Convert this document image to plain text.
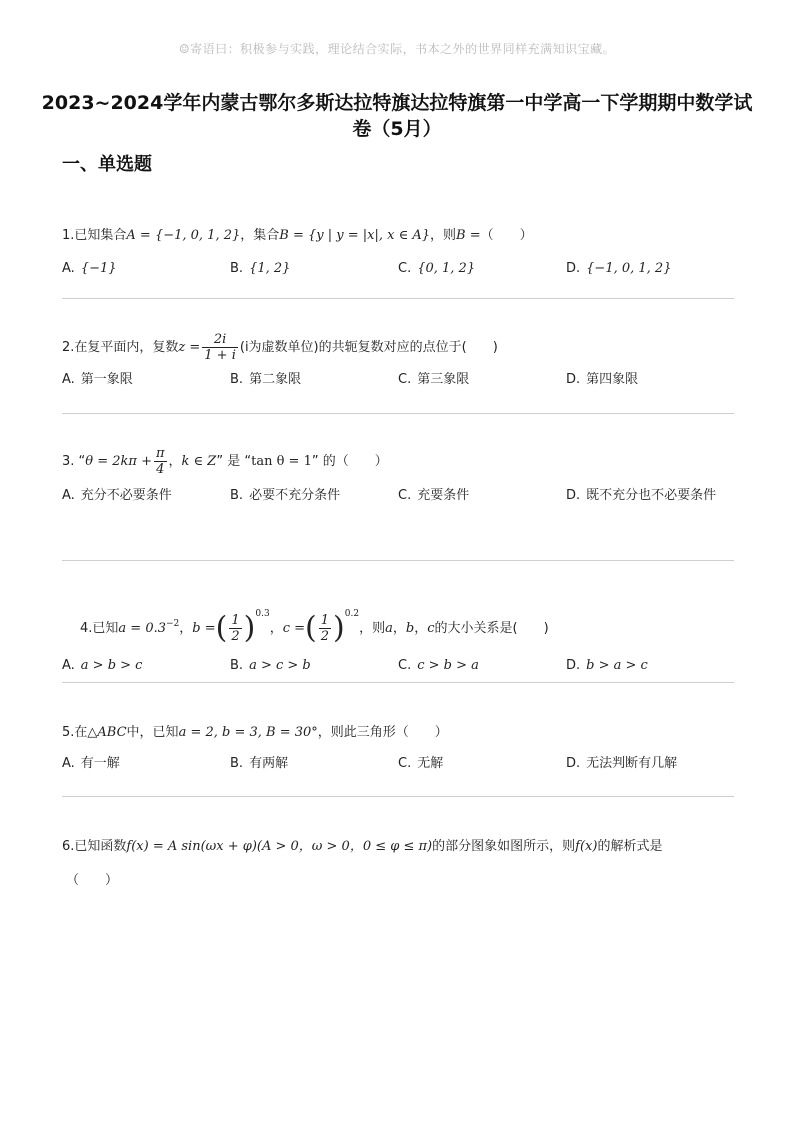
☺寄语曰：积极参与实践，理论结合实际，书本之外的世界同样充满知识宝藏。
2023~2024学年内蒙古鄂尔多斯达拉特旗达拉特旗第一中学高一下学期期中数学试卷（5月）
一、单选题
1.已知集合A = {−1, 0, 1, 2}，集合B = {y | y = |x|, x ∈ A}，则B =（　　）
A. {−1}	B. {1, 2}	C. {0, 1, 2}	D. {−1, 0, 1, 2}
2.在复平面内，复数$z = \frac{2i}{1 + i} (i$为虚数单位)的共轭复数对应的点位于(　　)
A. 第一象限	B. 第二象限	C. 第三象限	D. 第四象限
3. “$\theta = 2k\pi + \frac{\pi}{4}$ ，k ∈ Z” 是 “tan θ = 1” 的（　　）
A. 充分不必要条件	B. 必要不充分条件	C. 充要条件	D. 既不充分也不必要条件
4.已知$a = 0.3^{-2}$，b =( $\frac{1}{2} )^{0.3}$，c =( $\frac{1}{2} )^{0.2}$，则a，b，c的大小关系是(　　)
A. a > b > c	B. a > c > b	C. c > b > a	D. b > a > c
5.在△ABC中，已知a = 2, b = 3, B = 30°，则此三角形（　　）
A. 有一解	B. 有两解	C. 无解	D. 无法判断有几解
6.已知函数f(x) = A sin(ωx + φ)(A > 0，ω > 0，0 ≤ φ ≤ π)的部分图象如图所示，则f(x)的解析式是
（　　）
